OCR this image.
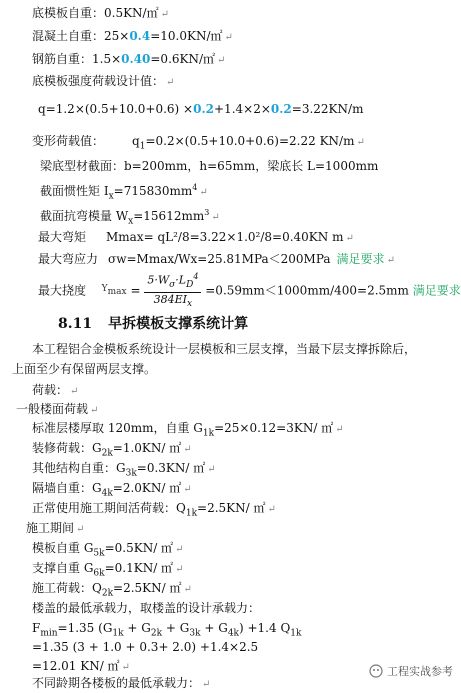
底模板自重：0.5KN/㎡ ↵
混凝土自重：25×0.4=10.0KN/㎡ ↵
钢筋自重：1.5×0.40=0.6KN/㎡ ↵
底模板强度荷载设计值： ↵
q=1.2×(0.5+10.0+0.6) ×0.2+1.4×2×0.2=3.22KN/m
变形荷载值： $q_1=0.2\times(0.5+10.0+0.6)=2.22$ KN/m ↵
梁底型材截面：b=200mm，h=65mm，梁底长 L=1000mm
截面惯性矩 $I_x=715830mm^4$ ↵
截面抗弯模量 $W_x=15612mm^3$ ↵
最大弯矩 Mmax= qL²/8=3.22×1.0²/8=0.40KN m ↵
最大弯应力 σw=Mmax/Wx=25.81MPa＜200MPa 满足要求 ↵
最大挠度 $Ymax = \frac{5\cdot W_\sigma\cdot L_D^4}{384EI_x} =0.59mm<1000mm/400=2.5mm$ 满足要求
8.11 早拆模板支撑系统计算
本工程铝合金模板系统设计一层模板和三层支撑，当最下层支撑拆除后，
上面至少有保留两层支撑。
荷载： ↵
一般楼面荷载 ↵
标准层楼厚取 120mm，自重 $G_{1k}=25\times 0.12=3KN/$ ㎡ ↵
装修荷载：$G_{2k}=1.0KN/$ ㎡ ↵
其他结构自重：$G_{3k}=0.3KN/$ ㎡ ↵
隔墙自重：$G_{4k}=2.0KN/$ ㎡ ↵
正常使用施工期间活荷载：$Q_{1k}=2.5KN/$ ㎡ ↵
施工期间 ↵
模板自重 $G_{5k}=0.5KN/$ ㎡ ↵
支撑自重 $G_{6k}=0.1KN/$ ㎡ ↵
施工荷载：$Q_{2k}=2.5KN/$ ㎡ ↵
楼盖的最低承载力，取楼盖的设计承载力：
$F_{min}=1.35$ $(G_{1k} + G_{2k} + G_{3k} + G_{4k}) +1.4$ $Q_{1k}$
=1.35 (3 + 1.0 + 0.3+ 2.0) +1.4×2.5
=12.01 KN/ ㎡ ↵
不同龄期各楼板的最低承载力： ↵
工程实战参考
